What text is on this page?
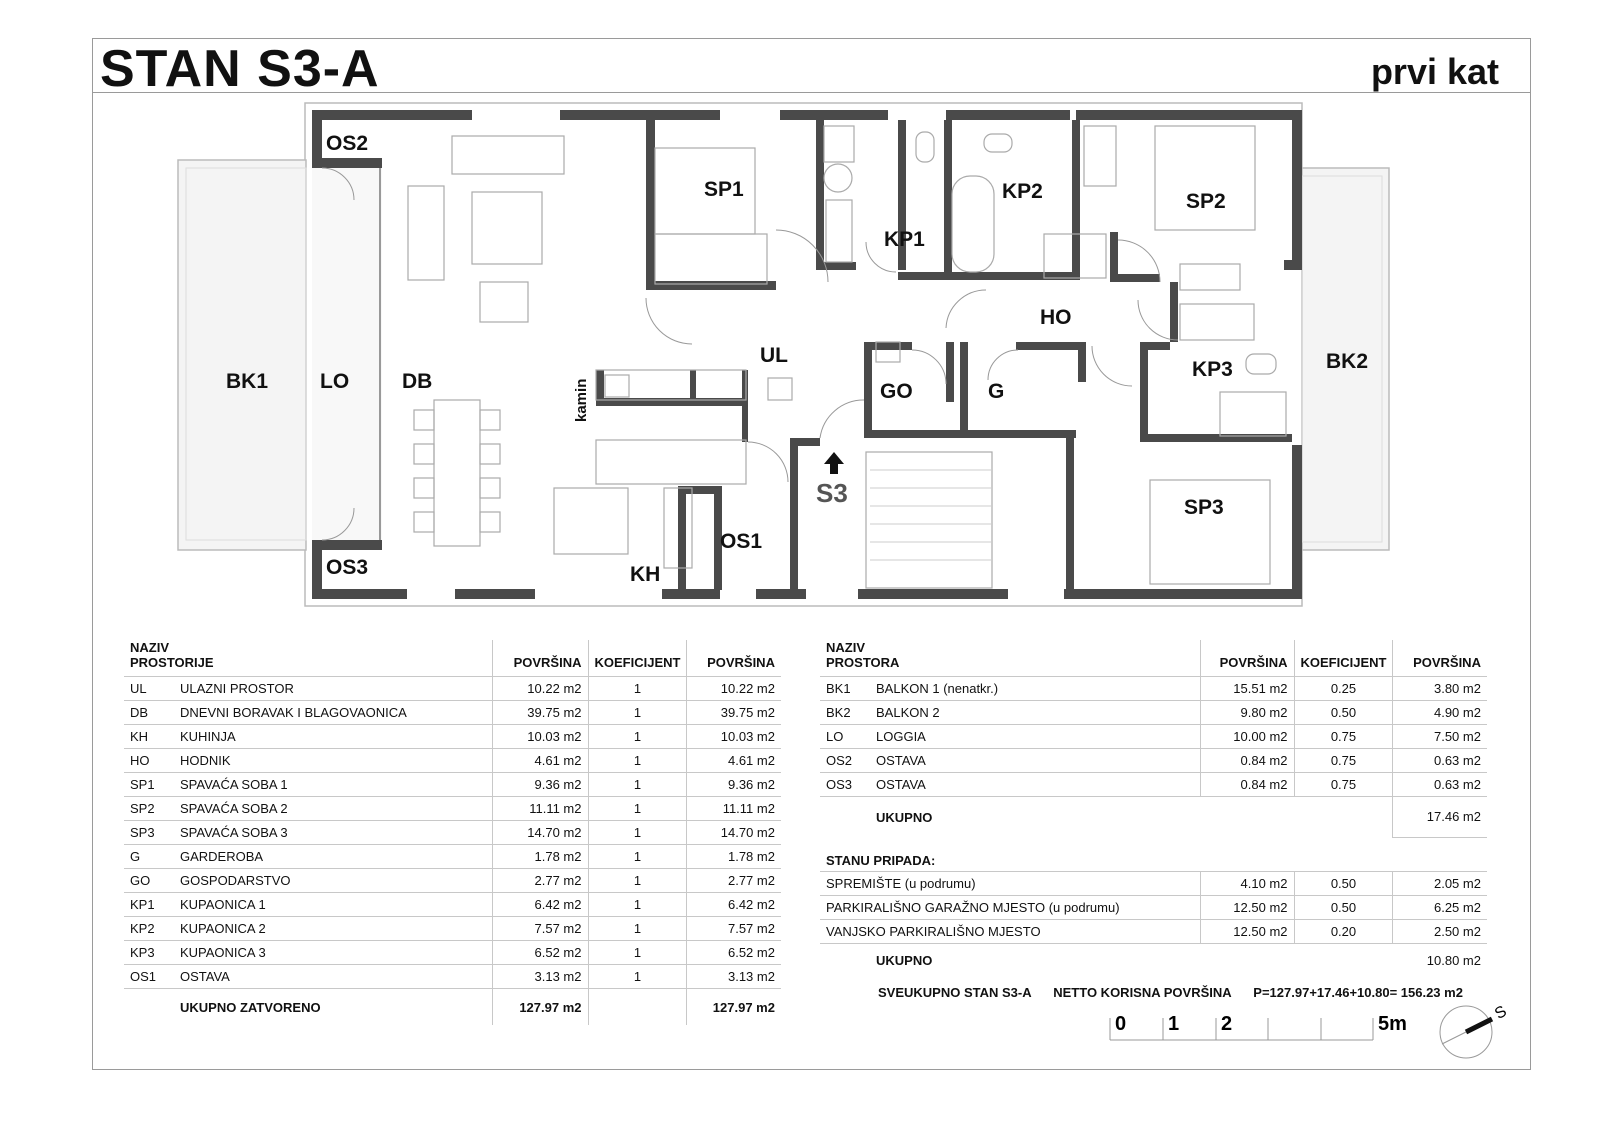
STAN S3-A	prvi kat
OS2
OS3
BK1 LO	DB
SP1
KP1
KP2	SP2
HO
UL
kamin	GO	G
KP3	BK2
S3	SP3
OS1
KH
NAZIV
PROSTORIJE		POVRŠINA	KOEFICIJENT	POVRŠINA
UL	ULAZNI PROSTOR	10.22 m2	1	10.22 m2
DB	DNEVNI BORAVAK I BLAGOVAONICA	39.75 m2	1	39.75 m2
KH	KUHINJA	10.03 m2	1	10.03 m2
HO	HODNIK	4.61 m2	1	4.61 m2
SP1	SPAVAĆA SOBA 1	9.36 m2	1	9.36 m2
SP2	SPAVAĆA SOBA 2	11.11 m2	1	11.11 m2
SP3	SPAVAĆA SOBA 3	14.70 m2	1	14.70 m2
G	GARDEROBA	1.78 m2	1	1.78 m2
GO	GOSPODARSTVO	2.77 m2	1	2.77 m2
KP1	KUPAONICA 1	6.42 m2	1	6.42 m2
KP2	KUPAONICA 2	7.57 m2	1	7.57 m2
KP3	KUPAONICA 3	6.52 m2	1	6.52 m2
OS1	OSTAVA	3.13 m2	1	3.13 m2
	UKUPNO ZATVORENO	127.97 m2		127.97 m2
NAZIV
PROSTORA		POVRŠINA	KOEFICIJENT	POVRŠINA
BK1	BALKON 1 (nenatkr.)	15.51 m2	0.25	3.80 m2
BK2	BALKON 2	9.80 m2	0.50	4.90 m2
LO	LOGGIA	10.00 m2	0.75	7.50 m2
OS2	OSTAVA	0.84 m2	0.75	0.63 m2
OS3	OSTAVA	0.84 m2	0.75	0.63 m2
	UKUPNO			17.46 m2
STANU PRIPADA:				
SPREMIŠTE (u podrumu)		4.10 m2	0.50	2.05 m2
PARKIRALIŠNO GARAŽNO MJESTO (u podrumu)		12.50 m2	0.50	6.25 m2
VANJSKO PARKIRALIŠNO MJESTO		12.50 m2	0.20	2.50 m2
	UKUPNO			10.80 m2
SVEUKUPNO STAN S3-A NETTO KORISNA POVRŠINA P=127.97+17.46+10.80= 156.23 m2
0 1 2	5m
S
